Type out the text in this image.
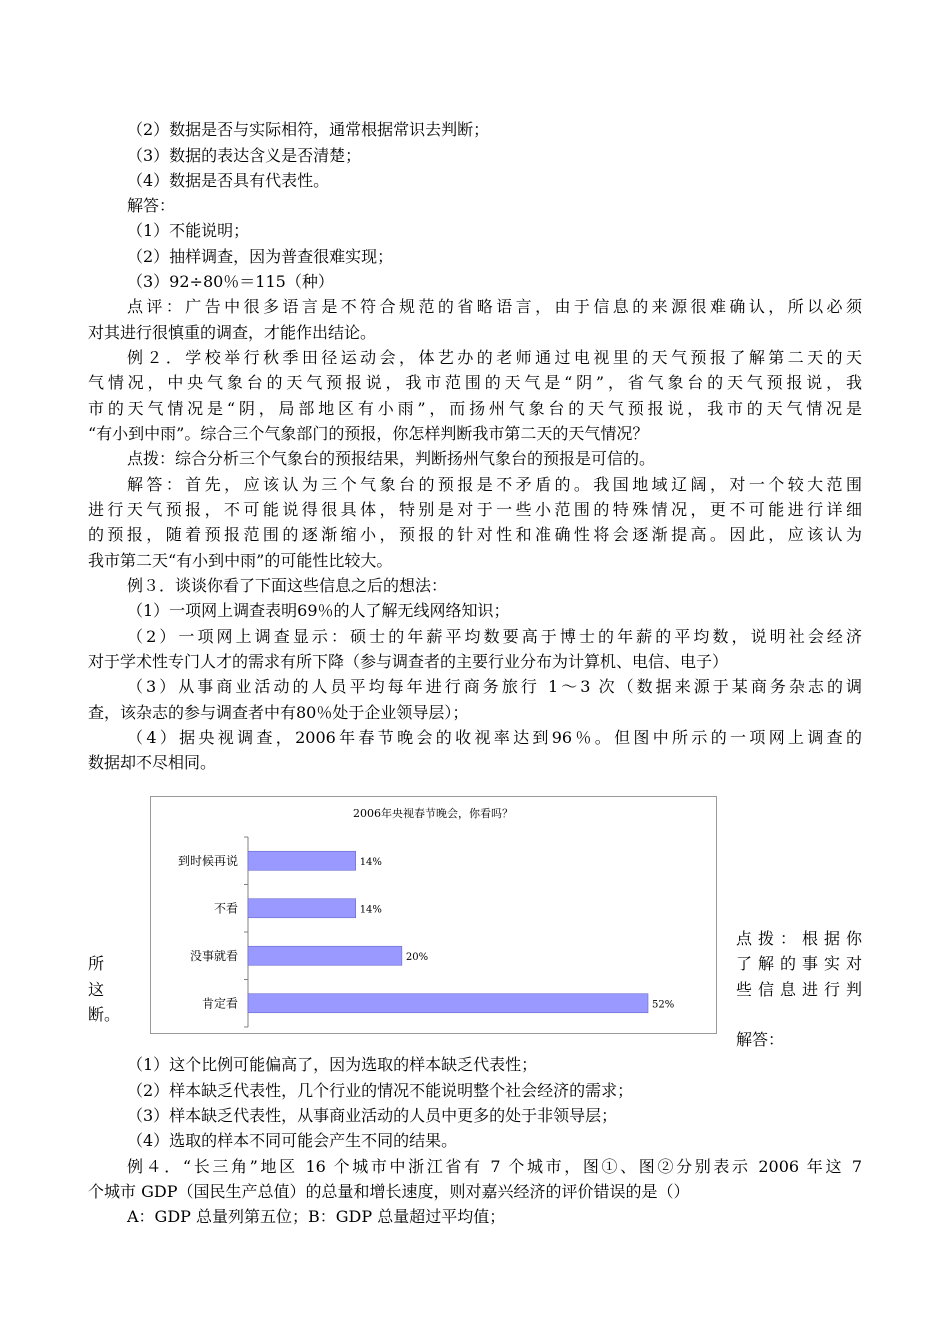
（2）数据是否与实际相符，通常根据常识去判断；

（3）数据的表达含义是否清楚；

（4）数据是否具有代表性。

解答：

（1）不能说明；

（2）抽样调查，因为普查很难实现；

（3）92÷80％＝115（种）

点评：广告中很多语言是不符合规范的省略语言，由于信息的来源很难确认，所以必须

对其进行很慎重的调查，才能作出结论。

例２．学校举行秋季田径运动会，体艺办的老师通过电视里的天气预报了解第二天的天

气情况，中央气象台的天气预报说，我市范围的天气是“阴”，省气象台的天气预报说，我

市的天气情况是“阴，局部地区有小雨”，而扬州气象台的天气预报说，我市的天气情况是

“有小到中雨”。综合三个气象部门的预报，你怎样判断我市第二天的天气情况？

点拨：综合分析三个气象台的预报结果，判断扬州气象台的预报是可信的。

解答：首先，应该认为三个气象台的预报是不矛盾的。我国地域辽阔，对一个较大范围

进行天气预报，不可能说得很具体，特别是对于一些小范围的特殊情况，更不可能进行详细

的预报，随着预报范围的逐渐缩小，预报的针对性和准确性将会逐渐提高。因此，应该认为

我市第二天“有小到中雨”的可能性比较大。

例３．谈谈你看了下面这些信息之后的想法：

（1）一项网上调查表明69％的人了解无线网络知识；

（2）一项网上调查显示：硕士的年薪平均数要高于博士的年薪的平均数，说明社会经济

对于学术性专门人才的需求有所下降（参与调查者的主要行业分布为计算机、电信、电子）

（3）从事商业活动的人员平均每年进行商务旅行 1～3 次（数据来源于某商务杂志的调

查，该杂志的参与调查者中有80％处于企业领导层）；

（4）据央视调查，2006年春节晚会的收视率达到96％。但图中所示的一项网上调查的

数据却不尽相同。

2006年央视春节晚会，你看吗？
到时候再说	14%
不看	14%
没事就看	20%
肯定看	52%

所

这

断。

点拨：根据你

了解的事实对

些信息进行判

解答：

（1）这个比例可能偏高了，因为选取的样本缺乏代表性；

（2）样本缺乏代表性，几个行业的情况不能说明整个社会经济的需求；

（3）样本缺乏代表性，从事商业活动的人员中更多的处于非领导层；

（4）选取的样本不同可能会产生不同的结果。

例４．“长三角”地区 16 个城市中浙江省有 7 个城市，图①、图②分别表示 2006 年这 7

个城市 GDP（国民生产总值）的总量和增长速度，则对嘉兴经济的评价错误的是（）

A：GDP 总量列第五位；B：GDP 总量超过平均值；
